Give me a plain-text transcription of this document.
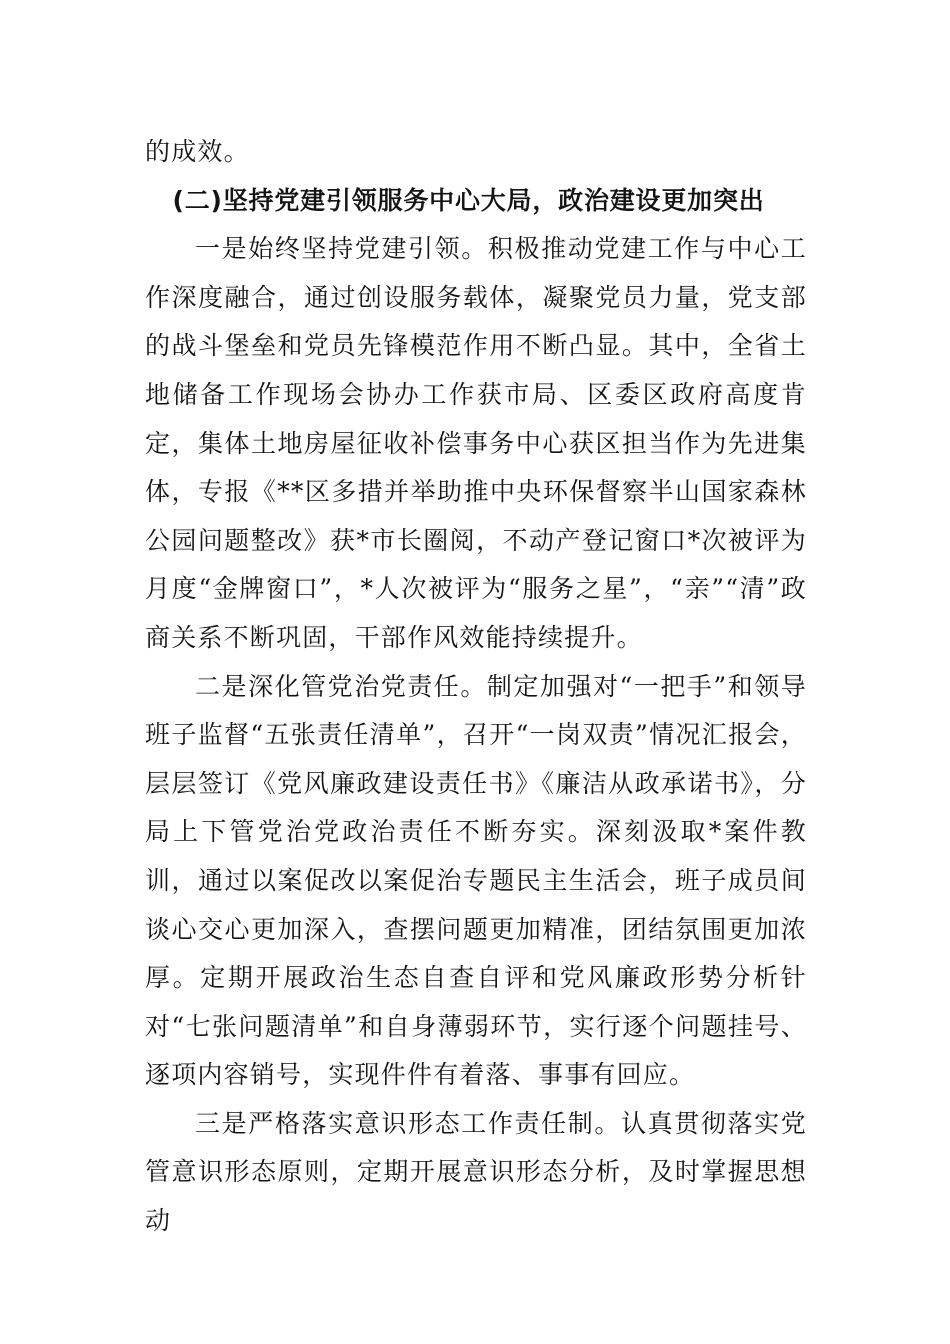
的成效。

(二)坚持党建引领服务中心大局，政治建设更加突出

一是始终坚持党建引领。积极推动党建工作与中心工作深度融合，通过创设服务载体，凝聚党员力量，党支部的战斗堡垒和党员先锋模范作用不断凸显。其中，全省土地储备工作现场会协办工作获市局、区委区政府高度肯定，集体土地房屋征收补偿事务中心获区担当作为先进集体，专报《**区多措并举助推中央环保督察半山国家森林公园问题整改》获*市长圈阅，不动产登记窗口*次被评为月度“金牌窗口”，*人次被评为“服务之星”，“亲”“清”政商关系不断巩固，干部作风效能持续提升。

二是深化管党治党责任。制定加强对“一把手”和领导班子监督“五张责任清单”，召开“一岗双责”情况汇报会，层层签订《党风廉政建设责任书》《廉洁从政承诺书》，分局上下管党治党政治责任不断夯实。深刻汲取*案件教训，通过以案促改以案促治专题民主生活会，班子成员间谈心交心更加深入，查摆问题更加精准，团结氛围更加浓厚。定期开展政治生态自查自评和党风廉政形势分析针对“七张问题清单”和自身薄弱环节，实行逐个问题挂号、逐项内容销号，实现件件有着落、事事有回应。

三是严格落实意识形态工作责任制。认真贯彻落实党管意识形态原则，定期开展意识形态分析，及时掌握思想动
